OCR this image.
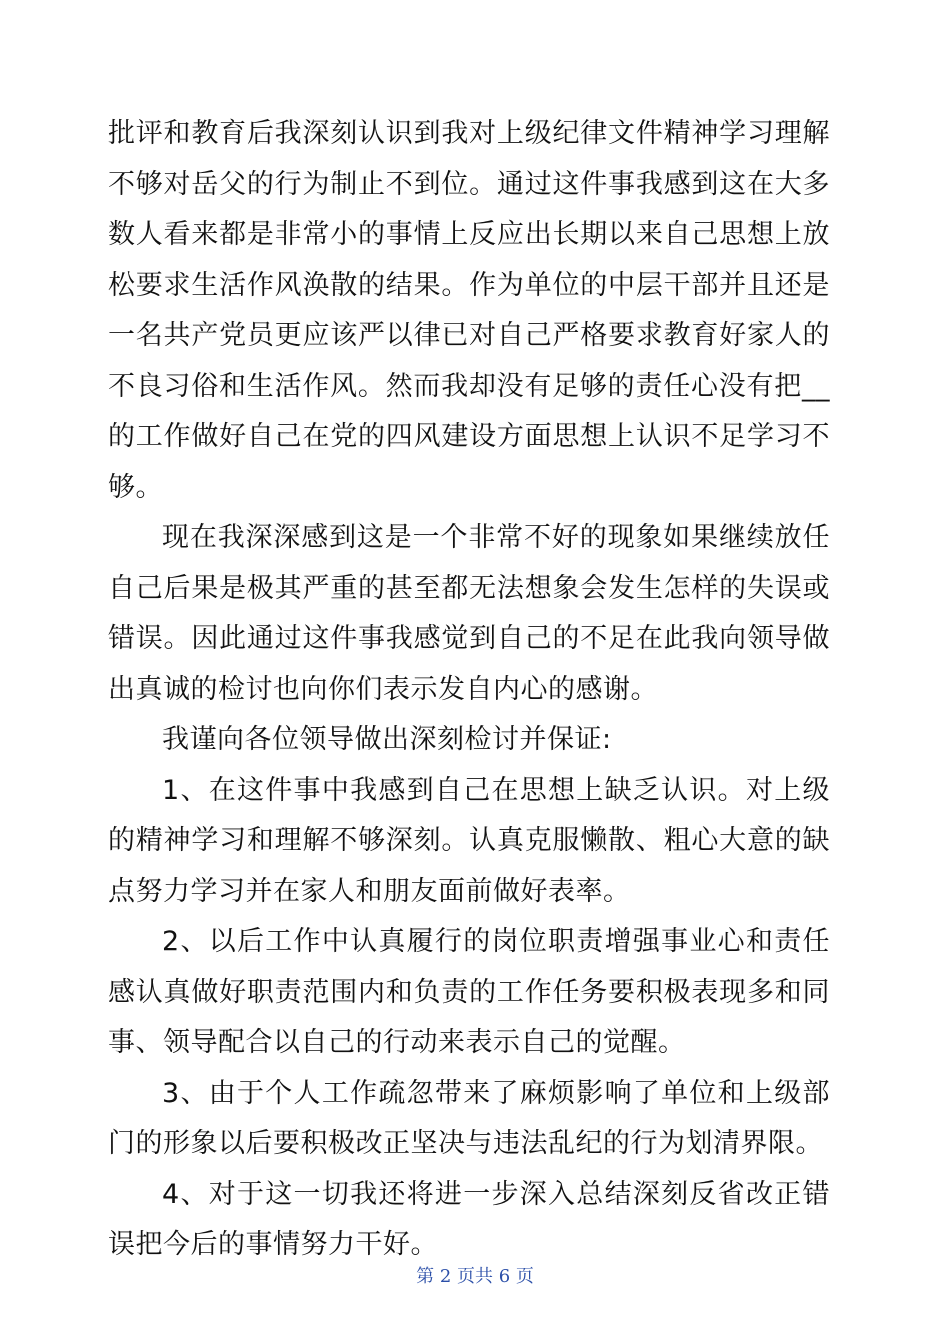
批评和教育后我深刻认识到我对上级纪律文件精神学习理解不够对岳父的行为制止不到位。通过这件事我感到这在大多数人看来都是非常小的事情上反应出长期以来自己思想上放松要求生活作风涣散的结果。作为单位的中层干部并且还是一名共产党员更应该严以律已对自己严格要求教育好家人的不良习俗和生活作风。然而我却没有足够的责任心没有把__的工作做好自己在党的四风建设方面思想上认识不足学习不够。

现在我深深感到这是一个非常不好的现象如果继续放任自己后果是极其严重的甚至都无法想象会发生怎样的失误或错误。因此通过这件事我感觉到自己的不足在此我向领导做出真诚的检讨也向你们表示发自内心的感谢。

我谨向各位领导做出深刻检讨并保证:

1、在这件事中我感到自己在思想上缺乏认识。对上级的精神学习和理解不够深刻。认真克服懒散、粗心大意的缺点努力学习并在家人和朋友面前做好表率。

2、以后工作中认真履行的岗位职责增强事业心和责任感认真做好职责范围内和负责的工作任务要积极表现多和同事、领导配合以自己的行动来表示自己的觉醒。

3、由于个人工作疏忽带来了麻烦影响了单位和上级部门的形象以后要积极改正坚决与违法乱纪的行为划清界限。

4、对于这一切我还将进一步深入总结深刻反省改正错误把今后的事情努力干好。

第 2 页共 6 页
